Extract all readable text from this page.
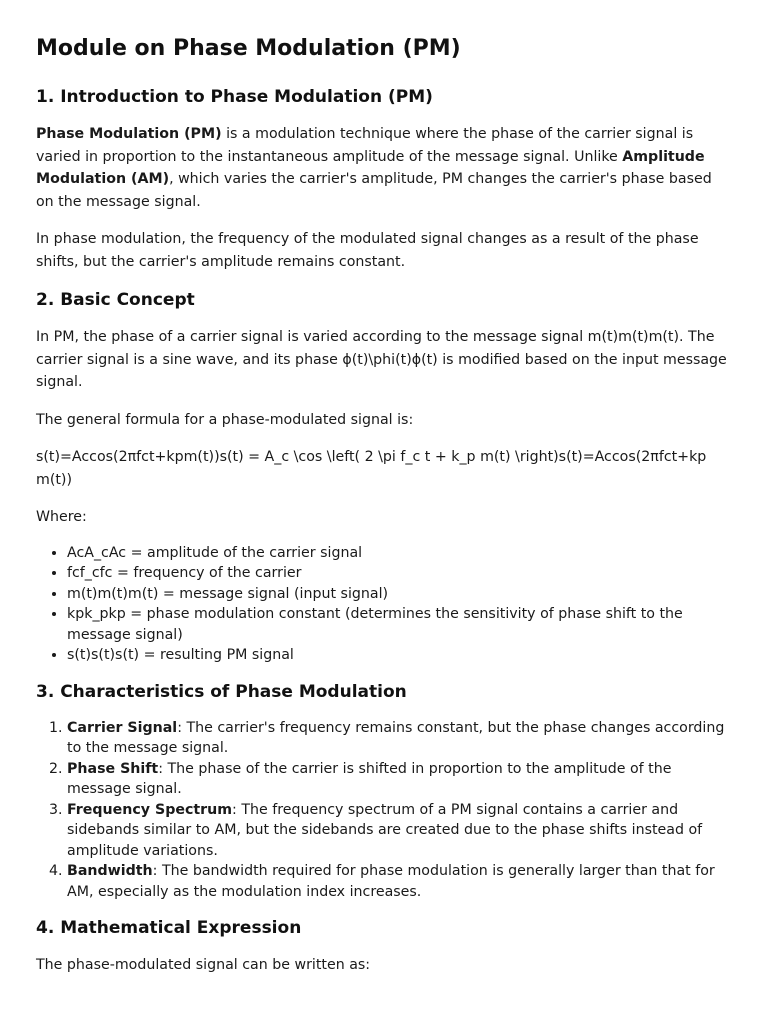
Module on Phase Modulation (PM)
1. Introduction to Phase Modulation (PM)

Phase Modulation (PM) is a modulation technique where the phase of the carrier signal is varied in proportion to the instantaneous amplitude of the message signal. Unlike Amplitude Modulation (AM), which varies the carrier's amplitude, PM changes the carrier's phase based on the message signal.

In phase modulation, the frequency of the modulated signal changes as a result of the phase shifts, but the carrier's amplitude remains constant.

2. Basic Concept

In PM, the phase of a carrier signal is varied according to the message signal m(t)m(t)m(t). The carrier signal is a sine wave, and its phase ϕ(t)\phi(t)ϕ(t) is modified based on the input message signal.

The general formula for a phase-modulated signal is:

s(t)=Accos(2πfct+kpm(t))s(t) = A_c \cos \left( 2 \pi f_c t + k_p m(t) \right)s(t)=Accos(2πfct+kp m(t))

Where:

• AcA_cAc = amplitude of the carrier signal
• fcf_cfc = frequency of the carrier
• m(t)m(t)m(t) = message signal (input signal)
• kpk_pkp = phase modulation constant (determines the sensitivity of phase shift to the message signal)
• s(t)s(t)s(t) = resulting PM signal
3. Characteristics of Phase Modulation
1. Carrier Signal: The carrier's frequency remains constant, but the phase changes according to the message signal.
2. Phase Shift: The phase of the carrier is shifted in proportion to the amplitude of the message signal.
3. Frequency Spectrum: The frequency spectrum of a PM signal contains a carrier and sidebands similar to AM, but the sidebands are created due to the phase shifts instead of amplitude variations.
4. Bandwidth: The bandwidth required for phase modulation is generally larger than that for AM, especially as the modulation index increases.
4. Mathematical Expression

The phase-modulated signal can be written as:
